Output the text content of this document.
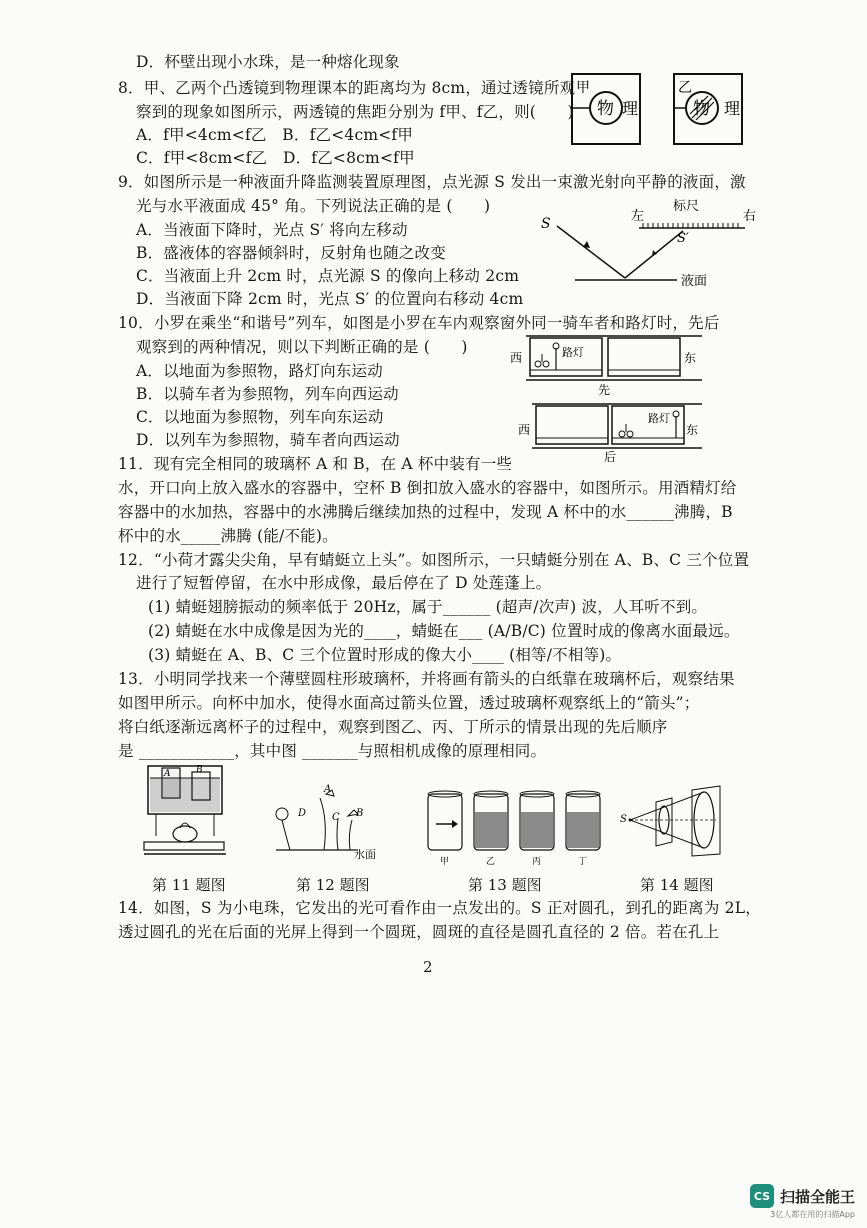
D．杯壁出现小水珠，是一种熔化现象
8．甲、乙两个凸透镜到物理课本的距离均为 8cm，通过透镜所观
察到的现象如图所示，两透镜的焦距分别为 f甲、f乙，则(　　)
A．f甲<4cm<f乙　B．f乙<4cm<f甲
C．f甲<8cm<f乙　D．f乙<8cm<f甲
9．如图所示是一种液面升降监测装置原理图，点光源 S 发出一束激光射向平静的液面，激
光与水平液面成 45° 角。下列说法正确的是 (　　)
A．当液面下降时，光点 S′ 将向左移动
B．盛液体的容器倾斜时，反射角也随之改变
C．当液面上升 2cm 时，点光源 S 的像向上移动 2cm
D．当液面下降 2cm 时，光点 S′ 的位置向右移动 4cm
10．小罗在乘坐“和谐号”列车，如图是小罗在车内观察窗外同一骑车者和路灯时，先后
观察到的两种情况，则以下判断正确的是 (　　)
A．以地面为参照物，路灯向东运动
B．以骑车者为参照物，列车向西运动
C．以地面为参照物，列车向东运动
D．以列车为参照物，骑车者向西运动
11．现有完全相同的玻璃杯 A 和 B，在 A 杯中装有一些
水，开口向上放入盛水的容器中，空杯 B 倒扣放入盛水的容器中，如图所示。用酒精灯给
容器中的水加热，容器中的水沸腾后继续加热的过程中，发现 A 杯中的水______沸腾，B
杯中的水_____沸腾 (能/不能)。
12．“小荷才露尖尖角，早有蜻蜓立上头”。如图所示，一只蜻蜓分别在 A、B、C 三个位置
进行了短暂停留，在水中形成像，最后停在了 D 处莲蓬上。
(1) 蜻蜓翅膀振动的频率低于 20Hz，属于______ (超声/次声) 波，人耳听不到。
(2) 蜻蜓在水中成像是因为光的____，蜻蜓在___ (A/B/C) 位置时成的像离水面最远。
(3) 蜻蜓在 A、B、C 三个位置时形成的像大小____ (相等/不相等)。
13．小明同学找来一个薄壁圆柱形玻璃杯，并将画有箭头的白纸靠在玻璃杯后，观察结果
如图甲所示。向杯中加水，使得水面高过箭头位置，透过玻璃杯观察纸上的“箭头”；
将白纸逐渐远离杯子的过程中，观察到图乙、丙、丁所示的情景出现的先后顺序
是 ____________，其中图 _______与照相机成像的原理相同。
14．如图，S 为小电珠，它发出的光可看作由一点发出的。S 正对圆孔，到孔的距离为 2L，
透过圆孔的光在后面的光屏上得到一个圆斑，圆斑的直径是圆孔直径的 2 倍。若在孔上
甲
物 理
乙
物 理
S
液面
左
标尺
右
S′
西	东
路灯
先
西	东
路灯
后
A	B
第 11 题图
A
B
C
D
水面
第 12 题图
甲	乙	丙	丁
第 13 题图
S
第 14 题图
2
CS 扫描全能王
3亿人都在用的扫描App
